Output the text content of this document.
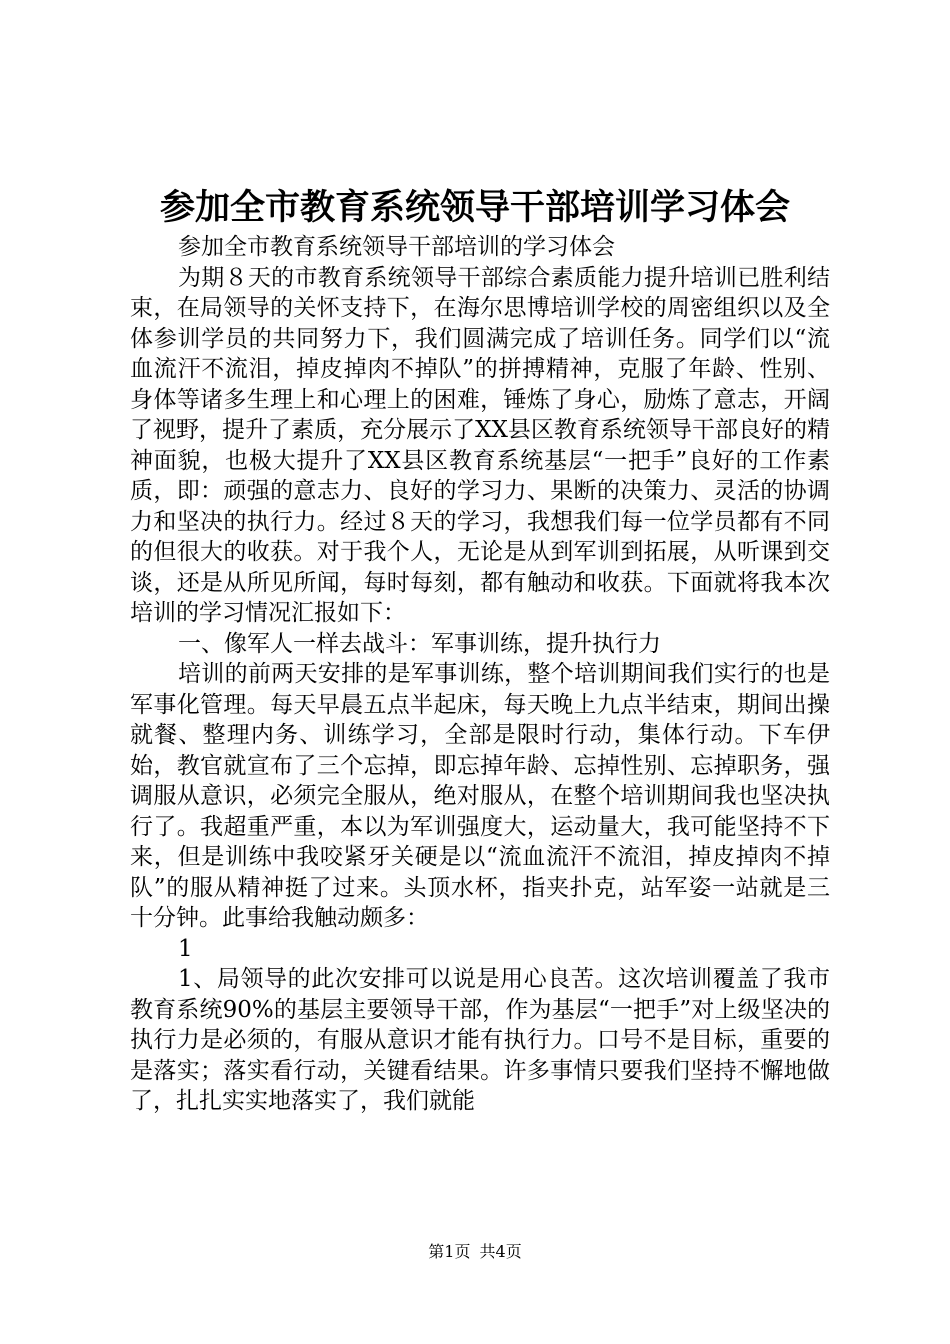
参加全市教育系统领导干部培训学习体会

参加全市教育系统领导干部培训的学习体会

为期８天的市教育系统领导干部综合素质能力提升培训已胜利结束，在局领导的关怀支持下，在海尔思博培训学校的周密组织以及全体参训学员的共同努力下，我们圆满完成了培训任务。同学们以“流血流汗不流泪，掉皮掉肉不掉队”的拼搏精神，克服了年龄、性别、身体等诸多生理上和心理上的困难，锤炼了身心，励炼了意志，开阔了视野，提升了素质，充分展示了XX县区教育系统领导干部良好的精神面貌，也极大提升了XX县区教育系统基层“一把手”良好的工作素质，即：顽强的意志力、良好的学习力、果断的决策力、灵活的协调力和坚决的执行力。经过８天的学习，我想我们每一位学员都有不同的但很大的收获。对于我个人，无论是从到军训到拓展，从听课到交谈，还是从所见所闻，每时每刻，都有触动和收获。下面就将我本次培训的学习情况汇报如下：

一、像军人一样去战斗：军事训练，提升执行力

培训的前两天安排的是军事训练，整个培训期间我们实行的也是军事化管理。每天早晨五点半起床，每天晚上九点半结束，期间出操就餐、整理内务、训练学习，全部是限时行动，集体行动。下车伊始，教官就宣布了三个忘掉，即忘掉年龄、忘掉性别、忘掉职务，强调服从意识，必须完全服从，绝对服从，在整个培训期间我也坚决执行了。我超重严重，本以为军训强度大，运动量大，我可能坚持不下来，但是训练中我咬紧牙关硬是以“流血流汗不流泪，掉皮掉肉不掉队”的服从精神挺了过来。头顶水杯，指夹扑克，站军姿一站就是三十分钟。此事给我触动颇多：

1

1、局领导的此次安排可以说是用心良苦。这次培训覆盖了我市教育系统90%的基层主要领导干部，作为基层“一把手”对上级坚决的执行力是必须的，有服从意识才能有执行力。口号不是目标，重要的是落实；落实看行动，关键看结果。许多事情只要我们坚持不懈地做了，扎扎实实地落实了，我们就能

第1页 共4页
